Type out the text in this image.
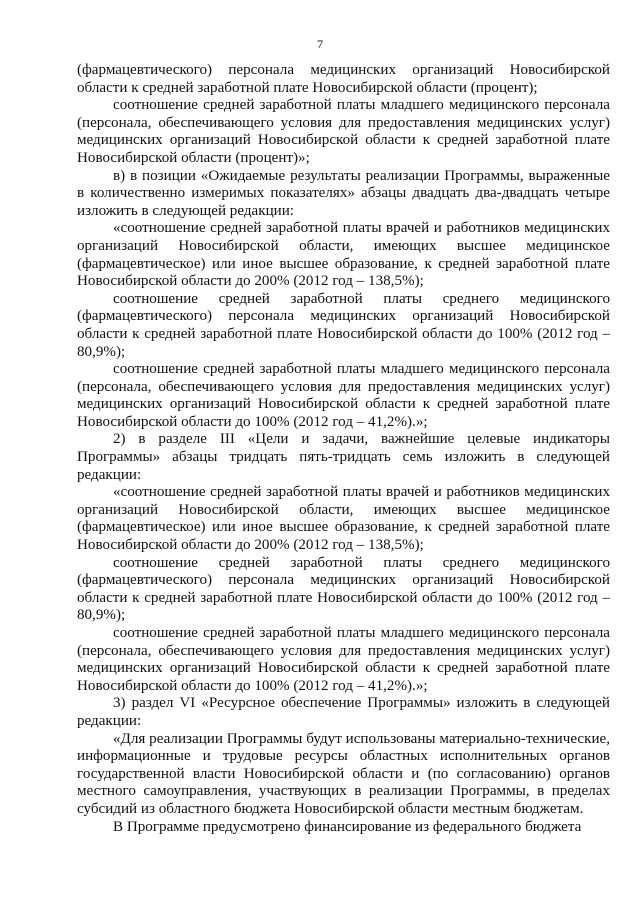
7

(фармацевтического) персонала медицинских организаций Новосибирской области к средней заработной плате Новосибирской области (процент);

соотношение средней заработной платы младшего медицинского персонала (персонала, обеспечивающего условия для предоставления медицинских услуг) медицинских организаций Новосибирской области к средней заработной плате Новосибирской области (процент)»;

в) в позиции «Ожидаемые результаты реализации Программы, выраженные в количественно измеримых показателях» абзацы двадцать два-двадцать четыре изложить в следующей редакции:

«соотношение средней заработной платы врачей и работников медицинских организаций Новосибирской области, имеющих высшее медицинское (фармацевтическое) или иное высшее образование, к средней заработной плате Новосибирской области до 200% (2012 год – 138,5%);

соотношение средней заработной платы среднего медицинского (фармацевтического) персонала медицинских организаций Новосибирской области к средней заработной плате Новосибирской области до 100% (2012 год – 80,9%);

соотношение средней заработной платы младшего медицинского персонала (персонала, обеспечивающего условия для предоставления медицинских услуг) медицинских организаций Новосибирской области к средней заработной плате Новосибирской области до 100% (2012 год – 41,2%).»;

2) в разделе III «Цели и задачи, важнейшие целевые индикаторы Программы» абзацы тридцать пять-тридцать семь изложить в следующей редакции:

«соотношение средней заработной платы врачей и работников медицинских организаций Новосибирской области, имеющих высшее медицинское (фармацевтическое) или иное высшее образование, к средней заработной плате Новосибирской области до 200% (2012 год – 138,5%);

соотношение средней заработной платы среднего медицинского (фармацевтического) персонала медицинских организаций Новосибирской области к средней заработной плате Новосибирской области до 100% (2012 год – 80,9%);

соотношение средней заработной платы младшего медицинского персонала (персонала, обеспечивающего условия для предоставления медицинских услуг) медицинских организаций Новосибирской области к средней заработной плате Новосибирской области до 100% (2012 год – 41,2%).»;

3) раздел VI «Ресурсное обеспечение Программы» изложить в следующей редакции:

«Для реализации Программы будут использованы материально-технические, информационные и трудовые ресурсы областных исполнительных органов государственной власти Новосибирской области и (по согласованию) органов местного самоуправления, участвующих в реализации Программы, в пределах субсидий из областного бюджета Новосибирской области местным бюджетам.

В Программе предусмотрено финансирование из федерального бюджета
